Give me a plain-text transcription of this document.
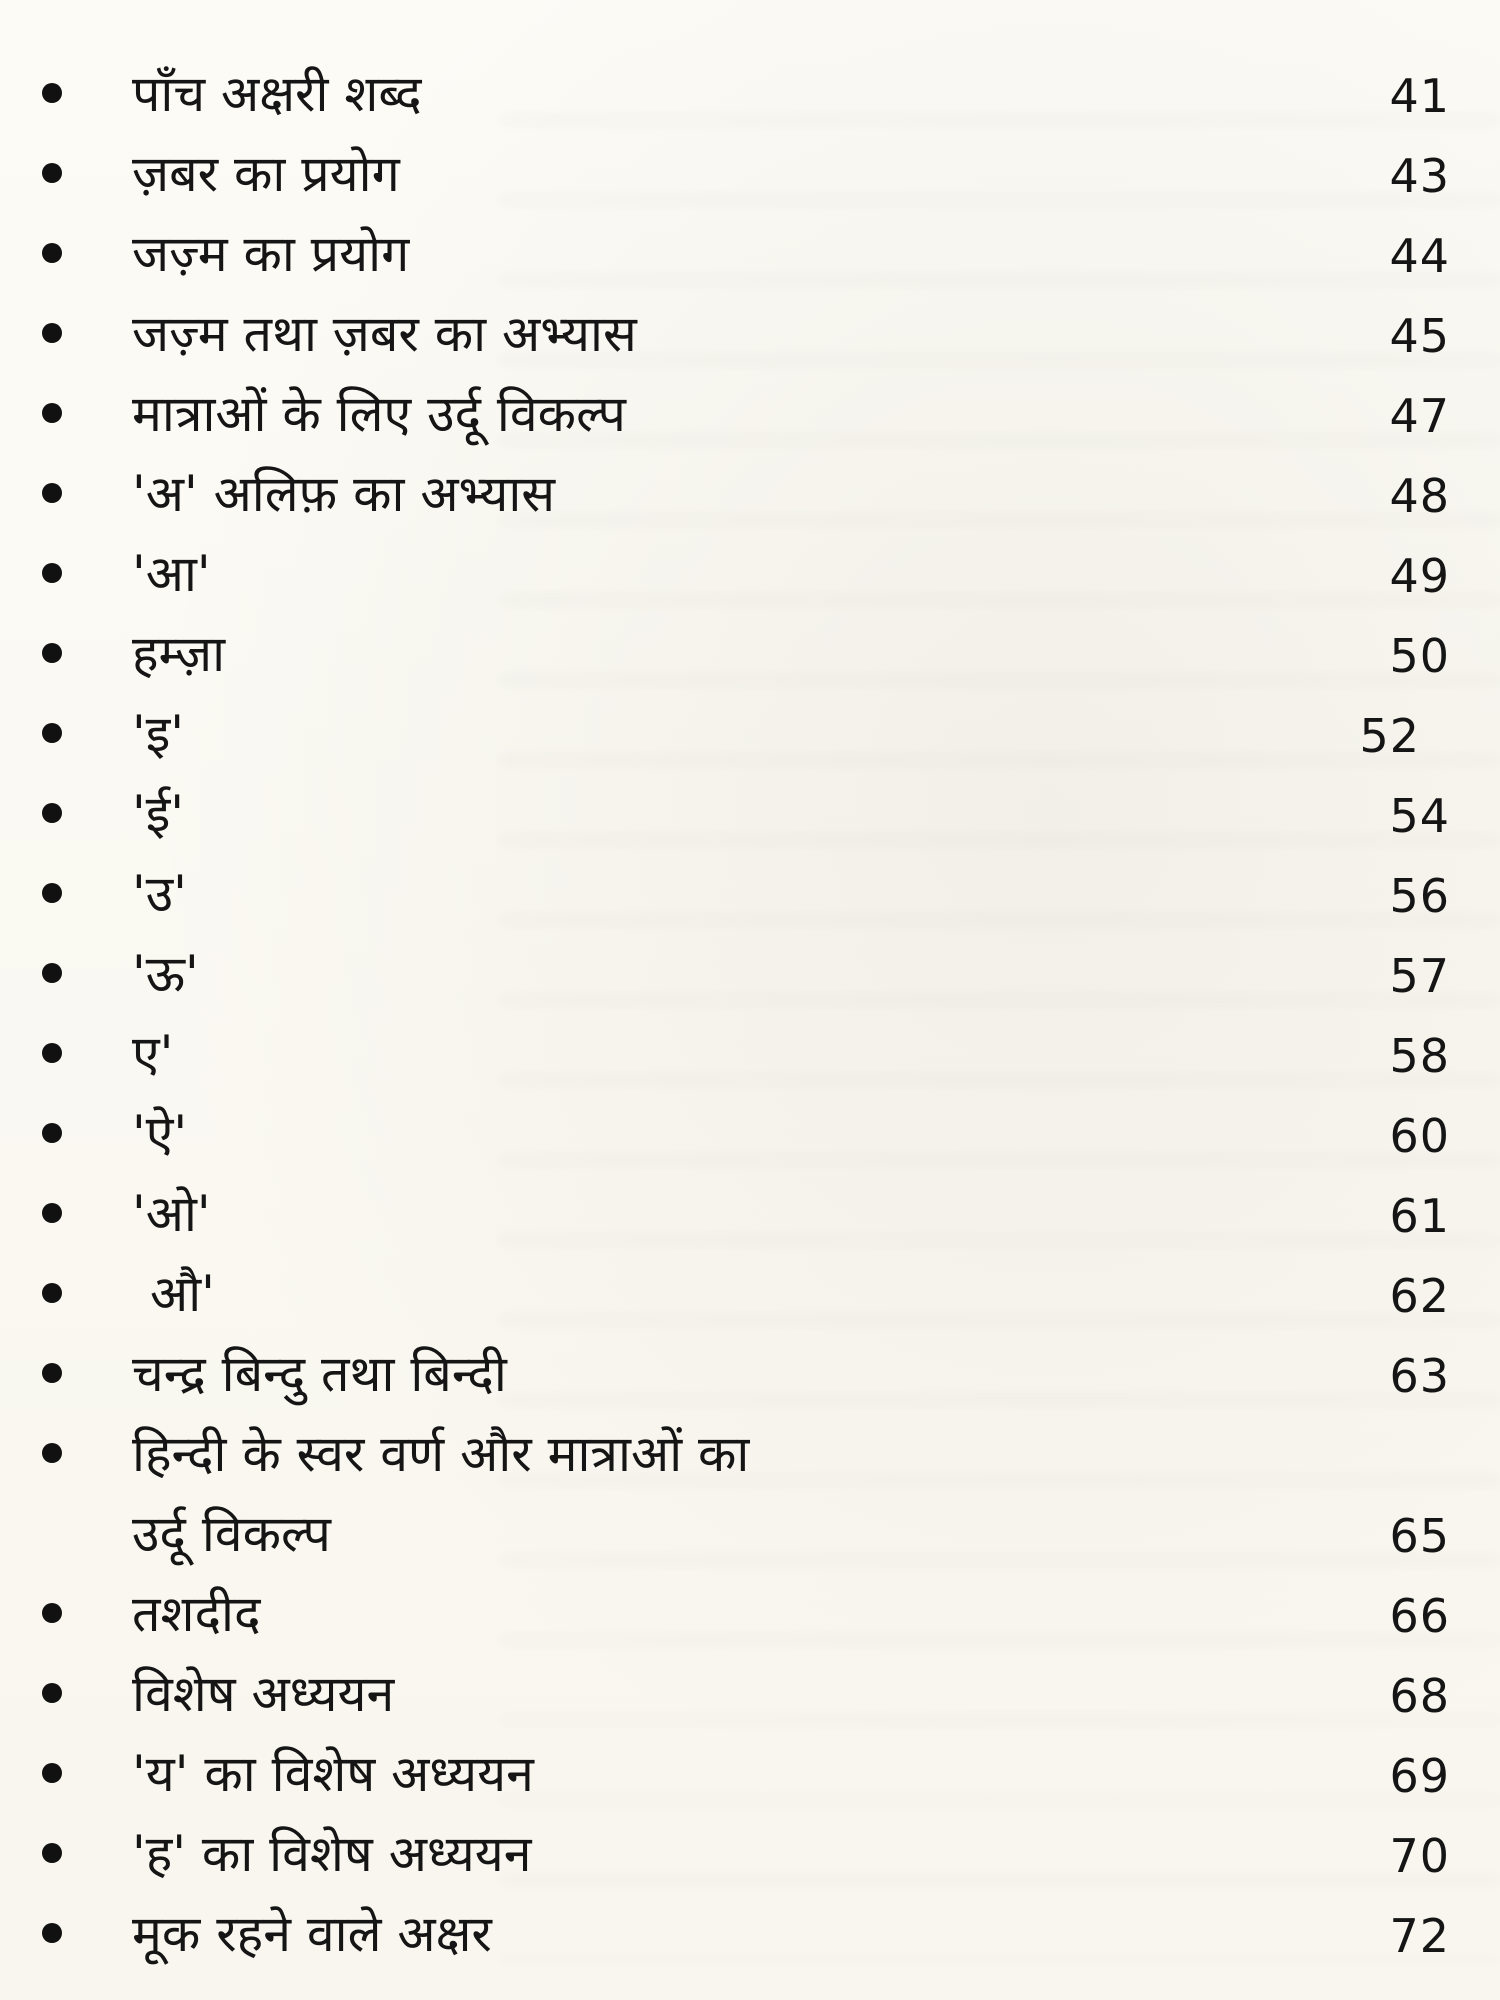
पाँच अक्षरी शब्द	41
ज़बर का प्रयोग	43
जज़्म का प्रयोग	44
जज़्म तथा ज़बर का अभ्यास	45
मात्राओं के लिए उर्दू विकल्प	47
'अ' अलिफ़ का अभ्यास	48
'आ'	49
हम्ज़ा	50
'इ'	52
'ई'	54
'उ'	56
'ऊ'	57
ए'	58
'ऐ'	60
'ओ'	61
औ'	62
चन्द्र बिन्दु तथा बिन्दी	63
हिन्दी के स्वर वर्ण और मात्राओं का
उर्दू विकल्प	65
तशदीद	66
विशेष अध्ययन	68
'य' का विशेष अध्ययन	69
'ह' का विशेष अध्ययन	70
मूक रहने वाले अक्षर	72
